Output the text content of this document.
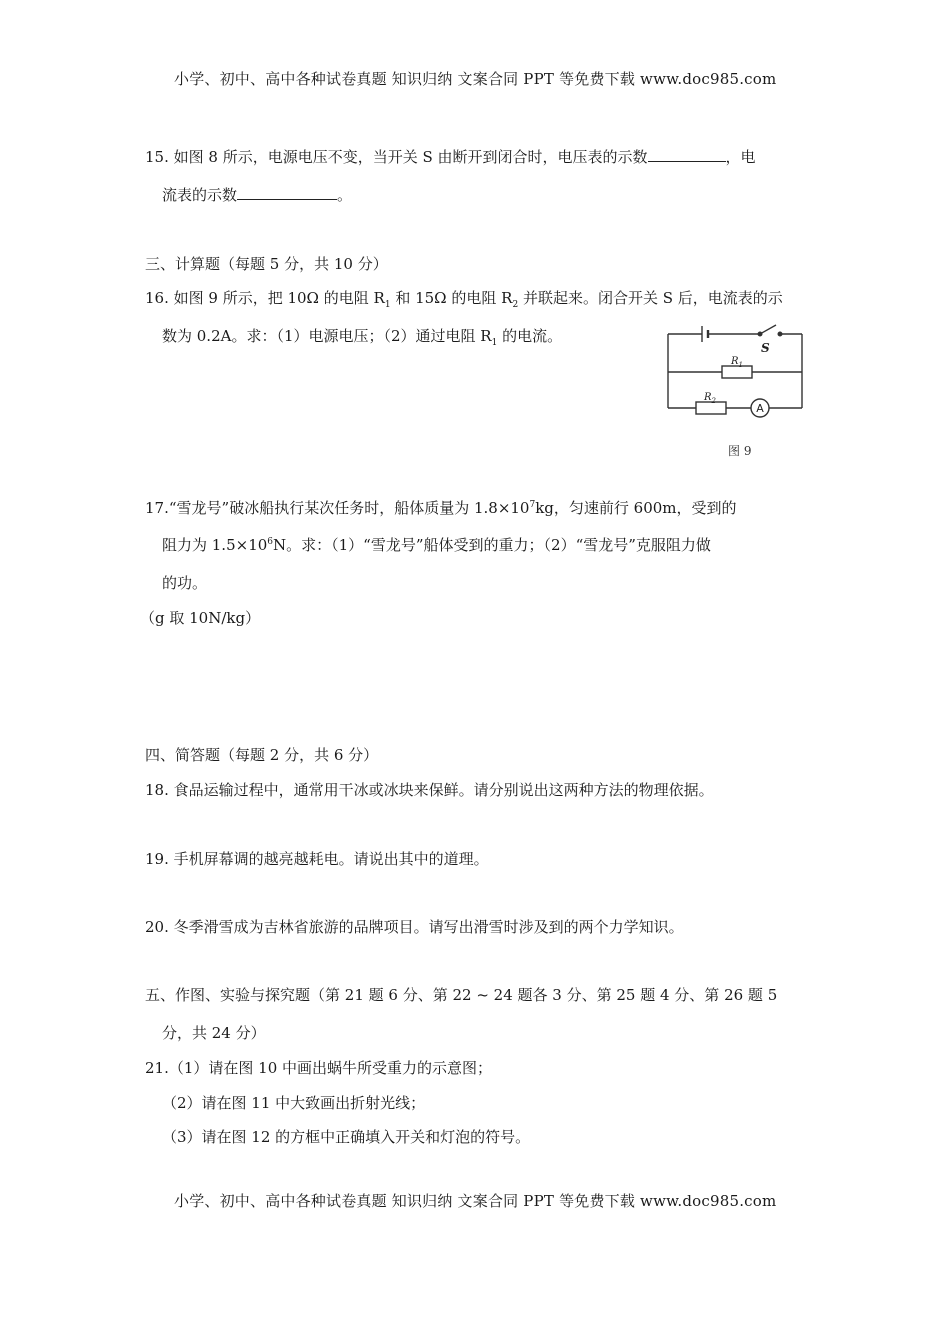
小学、初中、高中各种试卷真题 知识归纳 文案合同 PPT 等免费下载 www.doc985.com
15. 如图 8 所示，电源电压不变，当开关 S 由断开到闭合时，电压表的示数	，电
流表的示数	。
三、计算题（每题 5 分，共 10 分）
16. 如图 9 所示，把 10Ω 的电阻 $R_1$ 和 15Ω 的电阻 $R_2$ 并联起来。闭合开关 S 后，电流表的示
数为 0.2A。求：（1）电源电压；（2）通过电阻 $R_1$ 的电流。
S
$R_1$
$R_2$
A
图 9
17.“雪龙号”破冰船执行某次任务时，船体质量为 $1.8\times 10^7kg$，匀速前行 600m，受到的
阻力为 $1.5\times 10^6N$。求：（1）“雪龙号”船体受到的重力；（2）“雪龙号”克服阻力做
的功。
（g 取 10N/kg）
四、简答题（每题 2 分，共 6 分）
18. 食品运输过程中，通常用干冰或冰块来保鲜。请分别说出这两种方法的物理依据。
19. 手机屏幕调的越亮越耗电。请说出其中的道理。
20. 冬季滑雪成为吉林省旅游的品牌项目。请写出滑雪时涉及到的两个力学知识。
五、作图、实验与探究题（第 21 题 6 分、第 22 ~ 24 题各 3 分、第 25 题 4 分、第 26 题 5
分，共 24 分）
21.（1）请在图 10 中画出蜗牛所受重力的示意图；
（2）请在图 11 中大致画出折射光线；
（3）请在图 12 的方框中正确填入开关和灯泡的符号。
小学、初中、高中各种试卷真题 知识归纳 文案合同 PPT 等免费下载 www.doc985.com
